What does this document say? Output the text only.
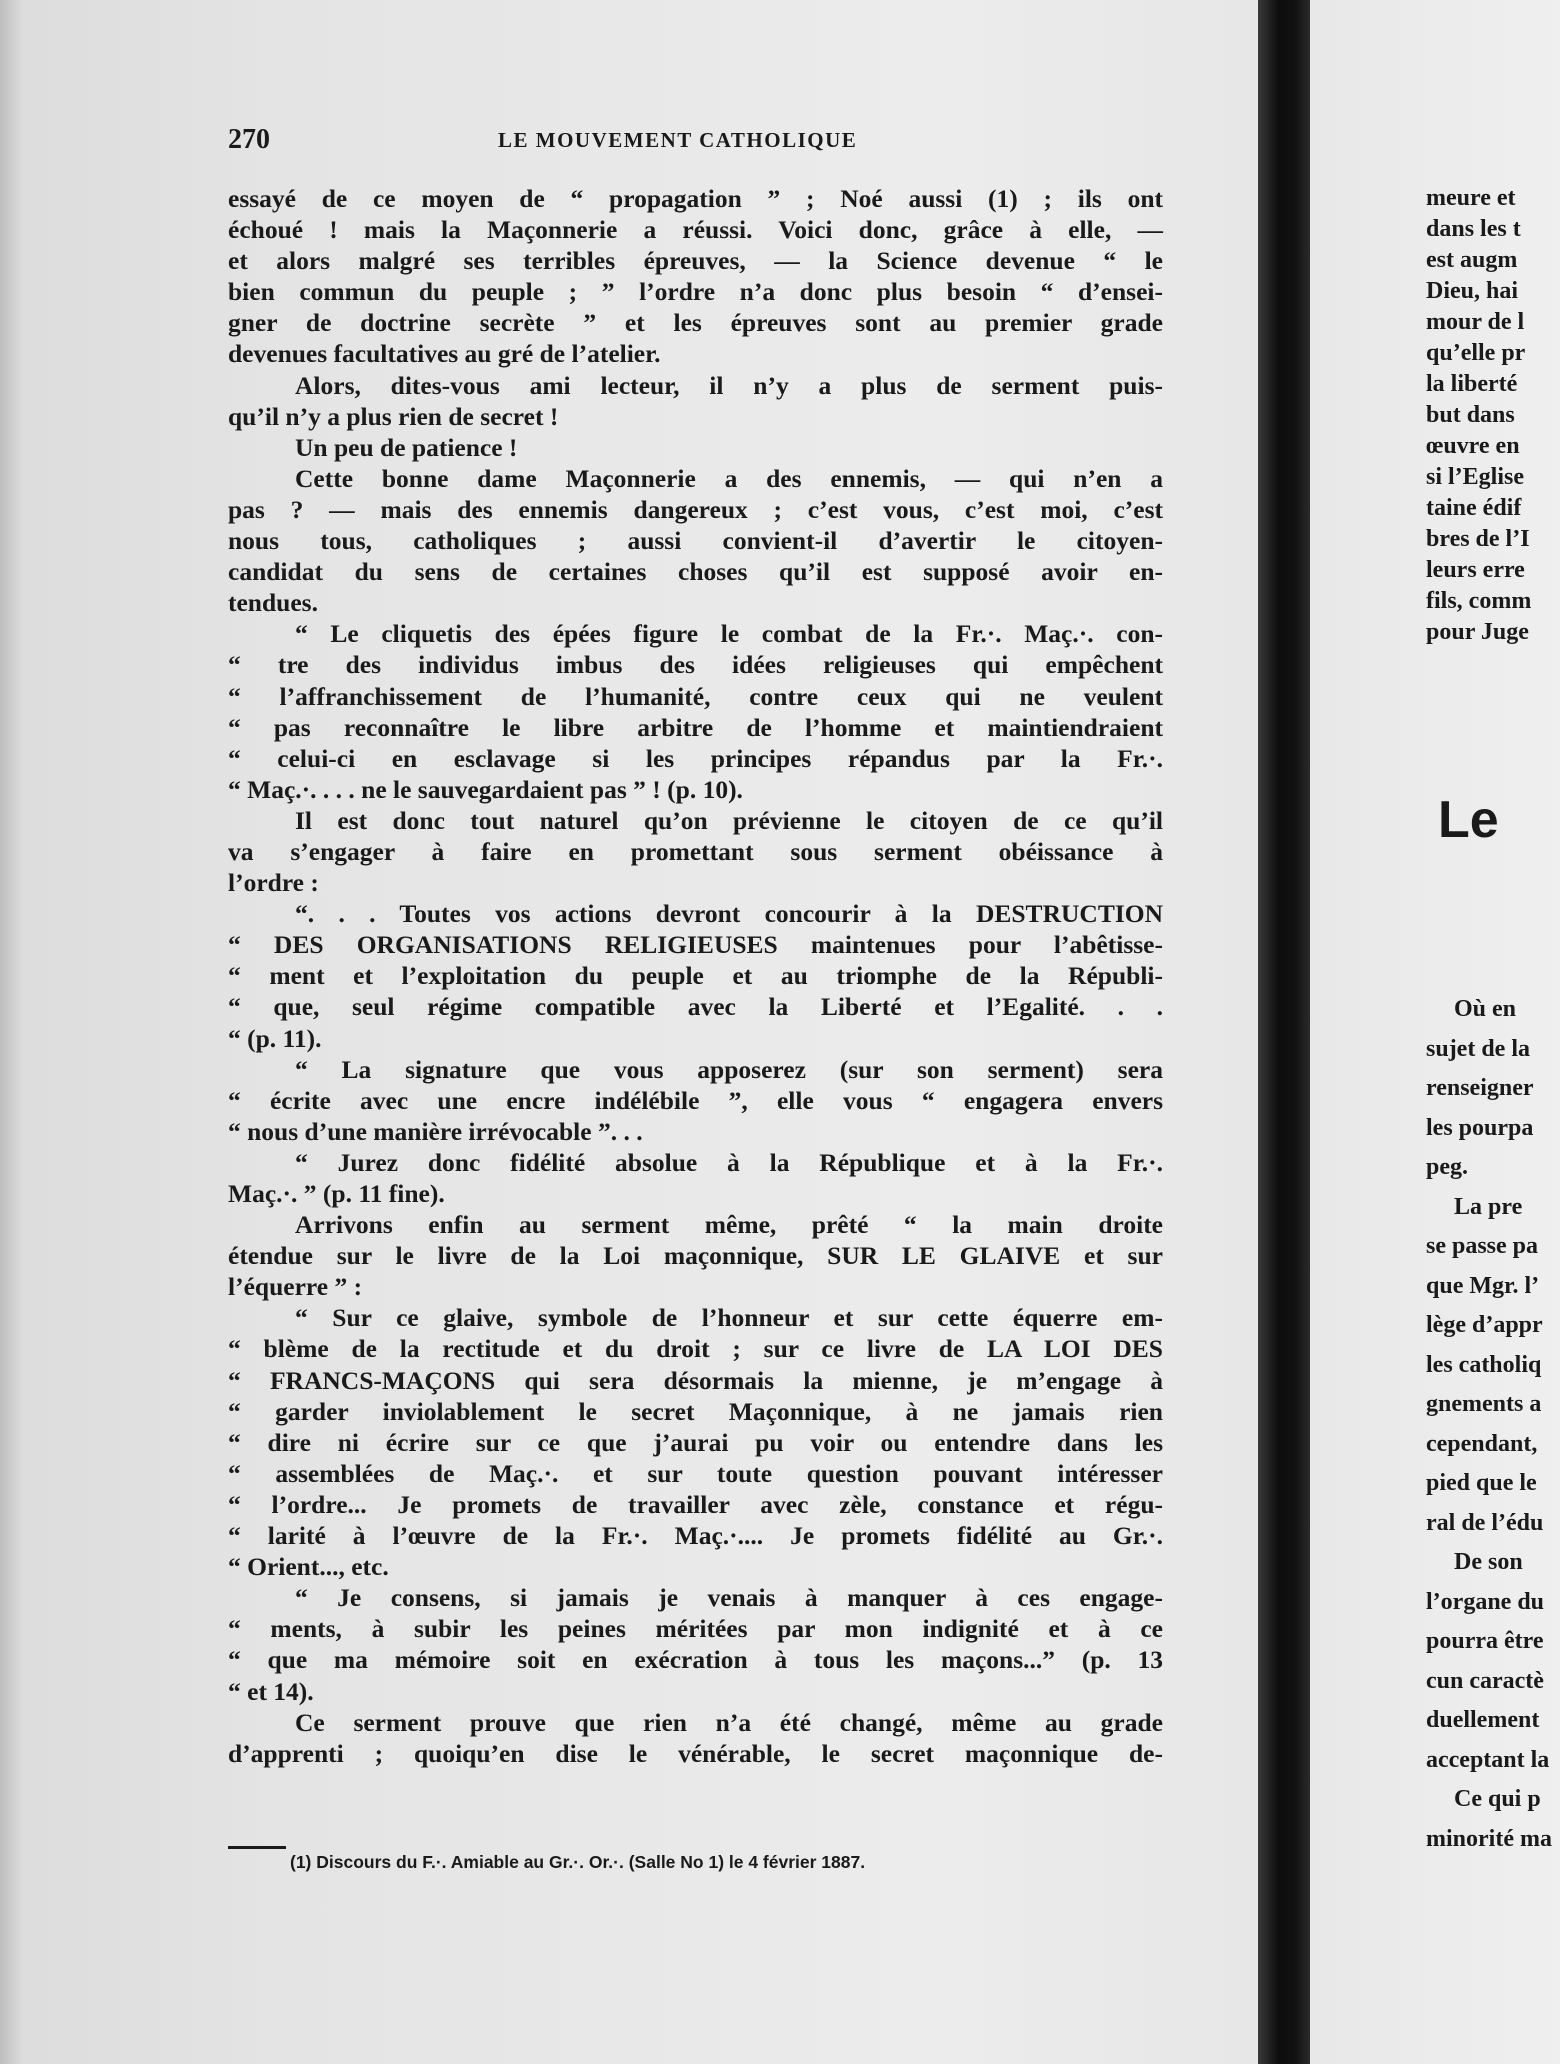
270	LE MOUVEMENT CATHOLIQUE
essayé de ce moyen de “ propagation ” ; Noé aussi (1) ; ils ont
échoué ! mais la Maçonnerie a réussi. Voici donc, grâce à elle, —
et alors malgré ses terribles épreuves, — la Science devenue “ le
bien commun du peuple ; ” l’ordre n’a donc plus besoin “ d’ensei-
gner de doctrine secrète ” et les épreuves sont au premier grade
devenues facultatives au gré de l’atelier.
Alors, dites-vous ami lecteur, il n’y a plus de serment puis-
qu’il n’y a plus rien de secret !
Un peu de patience !
Cette bonne dame Maçonnerie a des ennemis, — qui n’en a
pas ? — mais des ennemis dangereux ; c’est vous, c’est moi, c’est
nous tous, catholiques ; aussi convient-il d’avertir le citoyen-
candidat du sens de certaines choses qu’il est supposé avoir en-
tendues.
“ Le cliquetis des épées figure le combat de la Fr.·. Maç.·. con-
“ tre des individus imbus des idées religieuses qui empêchent
“ l’affranchissement de l’humanité, contre ceux qui ne veulent
“ pas reconnaître le libre arbitre de l’homme et maintiendraient
“ celui-ci en esclavage si les principes répandus par la Fr.·.
“ Maç.·. . . . ne le sauvegardaient pas ” ! (p. 10).
Il est donc tout naturel qu’on prévienne le citoyen de ce qu’il
va s’engager à faire en promettant sous serment obéissance à
l’ordre :
“. . . Toutes vos actions devront concourir à la DESTRUCTION
“ DES ORGANISATIONS RELIGIEUSES maintenues pour l’abêtisse-
“ ment et l’exploitation du peuple et au triomphe de la Républi-
“ que, seul régime compatible avec la Liberté et l’Egalité. . .
“ (p. 11).
“ La signature que vous apposerez (sur son serment) sera
“ écrite avec une encre indélébile ”, elle vous “ engagera envers
“ nous d’une manière irrévocable ”. . .
“ Jurez donc fidélité absolue à la République et à la Fr.·.
Maç.·. ” (p. 11 fine).
Arrivons enfin au serment même, prêté “ la main droite
étendue sur le livre de la Loi maçonnique, SUR LE GLAIVE et sur
l’équerre ” :
“ Sur ce glaive, symbole de l’honneur et sur cette équerre em-
“ blème de la rectitude et du droit ; sur ce livre de LA LOI DES
“ FRANCS-MAÇONS qui sera désormais la mienne, je m’engage à
“ garder inviolablement le secret Maçonnique, à ne jamais rien
“ dire ni écrire sur ce que j’aurai pu voir ou entendre dans les
“ assemblées de Maç.·. et sur toute question pouvant intéresser
“ l’ordre... Je promets de travailler avec zèle, constance et régu-
“ larité à l’œuvre de la Fr.·. Maç.·.... Je promets fidélité au Gr.·.
“ Orient..., etc.
“ Je consens, si jamais je venais à manquer à ces engage-
“ ments, à subir les peines méritées par mon indignité et à ce
“ que ma mémoire soit en exécration à tous les maçons...” (p. 13
“ et 14).
Ce serment prouve que rien n’a été changé, même au grade
d’apprenti ; quoiqu’en dise le vénérable, le secret maçonnique de-
(1) Discours du F.·. Amiable au Gr.·. Or.·. (Salle No 1) le 4 février 1887.
meure et
dans les t
est augm
Dieu, hai
mour de l
qu’elle pr
la liberté
but dans
œuvre en
si l’Eglise
taine édif
bres de l’I
leurs erre
fils, comm
pour Juge
Le
Où en
sujet de la
renseigner
les pourpa
peg.
La pre
se passe pa
que Mgr. l’
lège d’appr
les catholiq
gnements a
cependant,
pied que le
ral de l’édu
De son
l’organe du
pourra être
cun caractè
duellement
acceptant la
Ce qui p
minorité ma
